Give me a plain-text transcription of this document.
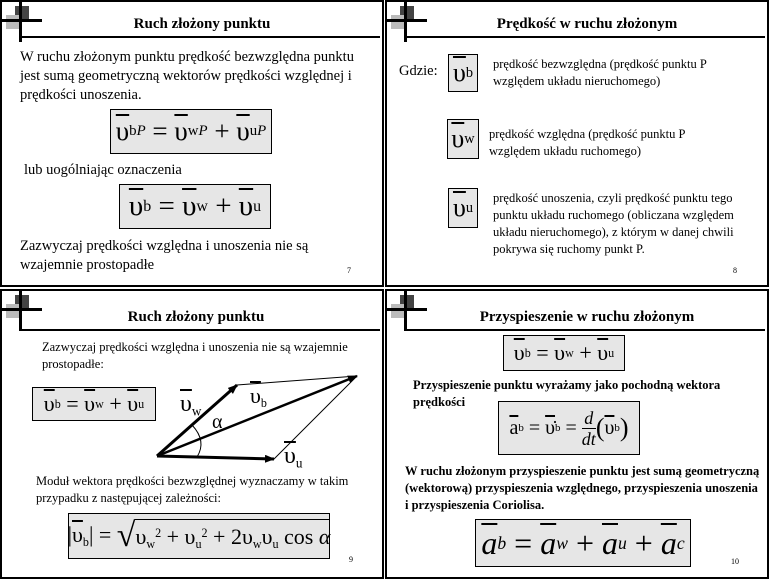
Ruch złożony punktu
W ruchu złożonym punktu prędkość bezwzględna punktu
jest sumą geometryczną wektorów prędkości względnej i
prędkości unoszenia.
$\overline{\upsilon}$ bP = $\overline{\upsilon}$ wP + $\overline{\upsilon}$ uP
lub uogólniając oznaczenia
$\overline{\upsilon}$ $b = \overline{\upsilon}$ $w + \overline{\upsilon}$ u
Zazwyczaj prędkości względna i unoszenia nie są
wzajemnie prostopadłe	7
Prędkość w ruchu złożonym
Gdzie: $\overline{\upsilon}$ b
prędkość bezwzględna (prędkość punktu P
względem układu nieruchomego)
$\overline{\upsilon}$ w prędkość względna (prędkość punktu P
względem układu ruchomego)
$\overline{\upsilon}$ u
prędkość unoszenia, czyli prędkość punktu tego
punktu układu ruchomego (obliczana względem
układu nieruchomego), z którym w danej chwili
pokrywa się ruchomy punkt P.
8
Ruch złożony punktu
Zazwyczaj prędkości względna i unoszenia nie są wzajemnie
prostopadłe:
$\overline{\upsilon}$ $b = \overline{\upsilon}$ $w + \overline{\upsilon}$ u $\overline{\upsilon}_w$
$\overline{\upsilon}_b$
α
$\overline{\upsilon}_u$
Moduł wektora prędkości bezwzględnej wyznaczamy w takim
przypadku z następującej zależności:
$|\overline{\upsilon}_b|$ = √ $\upsilon_w^2 + \upsilon_u^2 + 2\upsilon_w\upsilon_u$ cos α
9
Przyspieszenie w ruchu złożonym
$\overline{\upsilon}$ $b = \overline{\upsilon}$ $w + \overline{\upsilon}$ u
Przyspieszenie punktu wyrażamy jako pochodną wektora
prędkości
$\overline{a}$ b = υ̇ b = d
dt ( $\overline{\upsilon}$ b )
W ruchu złożonym przyspieszenie punktu jest sumą geometryczną
(wektorową) przyspieszenia względnego, przyspieszenia unoszenia
i przyspieszenia Coriolisa.
$\overline{a}$ $b = \overline{a}$ $w + \overline{a}$ $u + \overline{a}$ c
10
